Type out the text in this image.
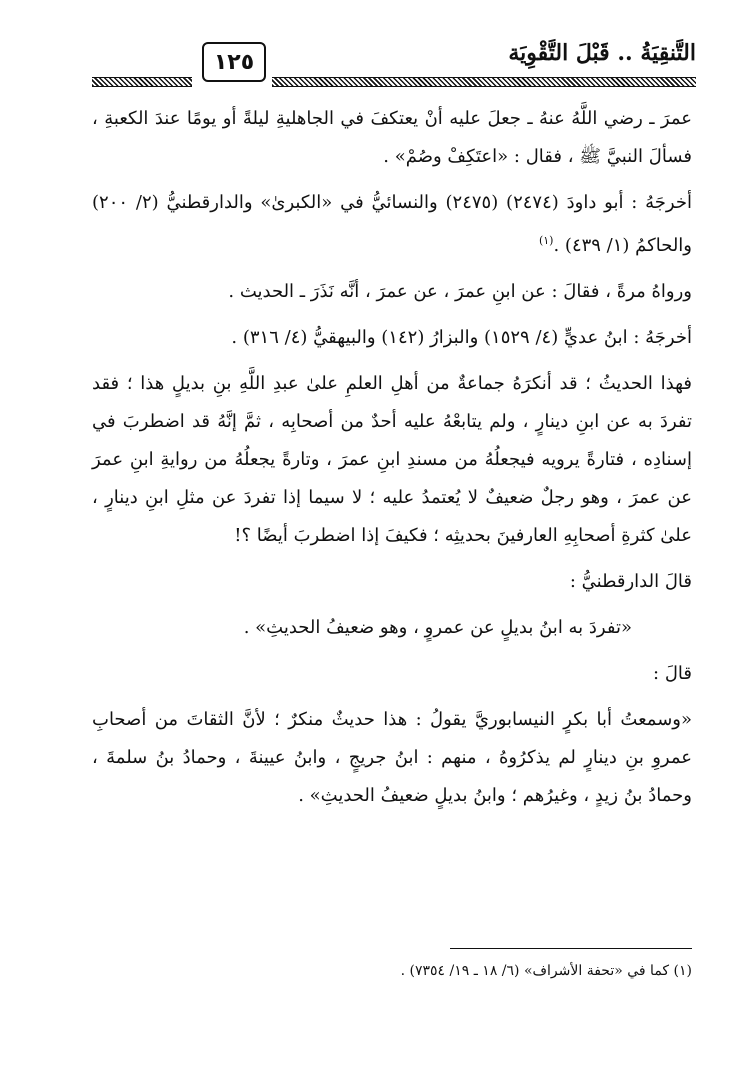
التَّنقِيَةُ .. قَبْلَ التَّقْوِيَة
١٢٥

عمرَ ـ رضي اللَّهُ عنهُ ـ جعلَ عليه أنْ يعتكفَ في الجاهليةِ ليلةً أو يومًا عندَ الكعبةِ ، فسألَ النبيَّ ﷺ ، فقال : «اعتَكِفْ وصُمْ» .

أخرجَهُ : أبو داودَ (٢٤٧٤) (٢٤٧٥) والنسائيُّ في «الكبرىٰ» والدارقطنيُّ (٢/ ٢٠٠) والحاكمُ (١/ ٤٣٩) .$^{(١)}$

ورواهُ مرةً ، فقالَ : عن ابنِ عمرَ ، عن عمرَ ، أنَّه نَذَرَ ـ الحديث .

أخرجَهُ : ابنُ عديٍّ (٤/ ١٥٢٩) والبزارُ (١٤٢) والبيهقيُّ (٤/ ٣١٦) .

فهذا الحديثُ ؛ قد أنكرَهُ جماعةٌ من أهلِ العلمِ علىٰ عبدِ اللَّهِ بنِ بديلٍ هذا ؛ فقد تفردَ به عن ابنِ دينارٍ ، ولم يتابعْهُ عليه أحدٌ من أصحابِه ، ثمَّ إنَّهُ قد اضطربَ في إسنادِه ، فتارةً يرويه فيجعلُهُ من مسندِ ابنِ عمرَ ، وتارةً يجعلُهُ من روايةِ ابنِ عمرَ عن عمرَ ، وهو رجلٌ ضعيفٌ لا يُعتمدُ عليه ؛ لا سيما إذا تفردَ عن مثلِ ابنِ دينارٍ ، علىٰ كثرةِ أصحابِهِ العارفينَ بحديثِه ؛ فكيفَ إذا اضطربَ أيضًا ؟!

قالَ الدارقطنيُّ :

«تفردَ به ابنُ بديلٍ عن عمروٍ ، وهو ضعيفُ الحديثِ» .

قالَ :

«وسمعتُ أبا بكرٍ النيسابوريَّ يقولُ : هذا حديثٌ منكرٌ ؛ لأنَّ الثقاتَ من أصحابِ عمروِ بنِ دينارٍ لم يذكرُوهُ ، منهم : ابنُ جريجٍ ، وابنُ عيينةَ ، وحمادُ بنُ سلمةَ ، وحمادُ بنُ زيدٍ ، وغيرُهم ؛ وابنُ بديلٍ ضعيفُ الحديثِ» .

(١) كما في «تحفة الأشراف» (٦/ ١٨ ـ ١٩/ ٧٣٥٤) .
